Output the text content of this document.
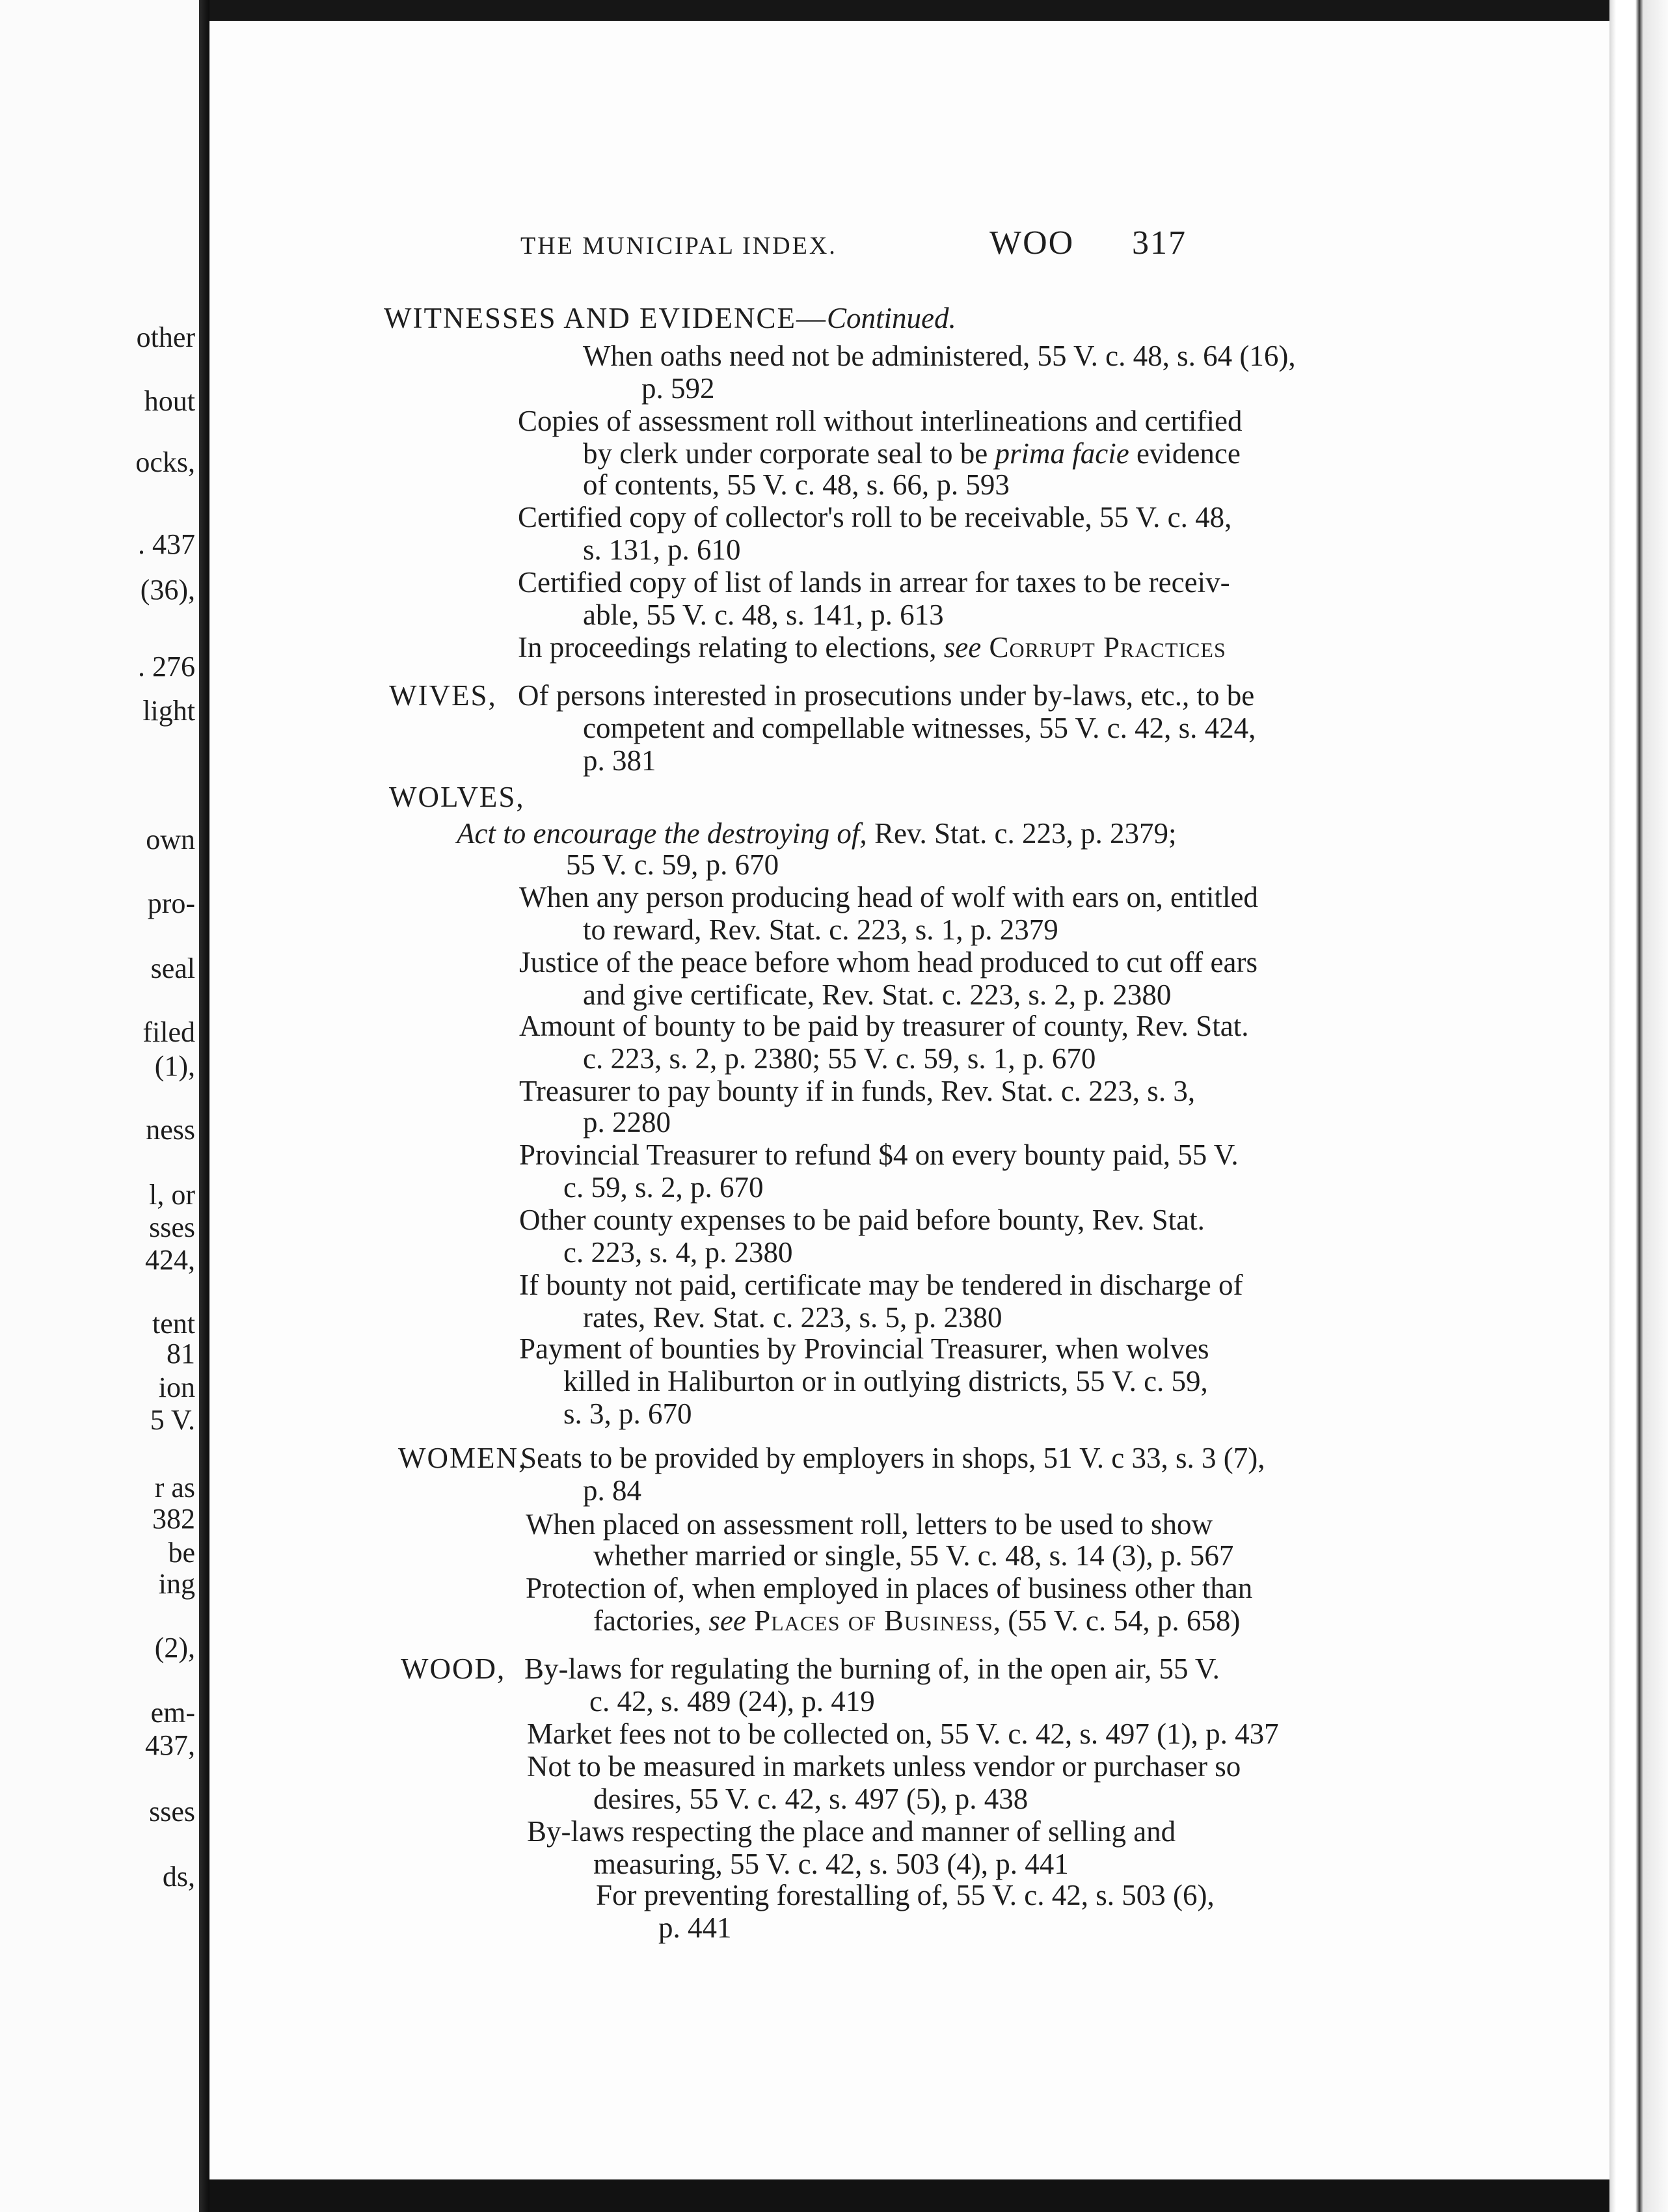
other
hout
ocks,
. 437
(36),
. 276
light
own
pro-
seal
filed
(1),
ness
l, or
sses
424,
tent
81
ion
5 V.
r as
382
be
ing
(2),
em-
437,
sses
ds,
THE MUNICIPAL INDEX.	WOO 317
WITNESSES AND EVIDENCE—Continued.
When oaths need not be administered, 55 V. c. 48, s. 64 (16),
p. 592
Copies of assessment roll without interlineations and certified
by clerk under corporate seal to be prima facie evidence
of contents, 55 V. c. 48, s. 66, p. 593
Certified copy of collector's roll to be receivable, 55 V. c. 48,
s. 131, p. 610
Certified copy of list of lands in arrear for taxes to be receiv-
able, 55 V. c. 48, s. 141, p. 613
In proceedings relating to elections, see Corrupt Practices
WIVES, Of persons interested in prosecutions under by-laws, etc., to be
competent and compellable witnesses, 55 V. c. 42, s. 424,
p. 381
WOLVES,
Act to encourage the destroying of, Rev. Stat. c. 223, p. 2379;
55 V. c. 59, p. 670
When any person producing head of wolf with ears on, entitled
to reward, Rev. Stat. c. 223, s. 1, p. 2379
Justice of the peace before whom head produced to cut off ears
and give certificate, Rev. Stat. c. 223, s. 2, p. 2380
Amount of bounty to be paid by treasurer of county, Rev. Stat.
c. 223, s. 2, p. 2380; 55 V. c. 59, s. 1, p. 670
Treasurer to pay bounty if in funds, Rev. Stat. c. 223, s. 3,
p. 2280
Provincial Treasurer to refund $4 on every bounty paid, 55 V.
c. 59, s. 2, p. 670
Other county expenses to be paid before bounty, Rev. Stat.
c. 223, s. 4, p. 2380
If bounty not paid, certificate may be tendered in discharge of
rates, Rev. Stat. c. 223, s. 5, p. 2380
Payment of bounties by Provincial Treasurer, when wolves
killed in Haliburton or in outlying districts, 55 V. c. 59,
s. 3, p. 670
WOMEN,
Seats to be provided by employers in shops, 51 V. c 33, s. 3 (7),
p. 84
When placed on assessment roll, letters to be used to show
whether married or single, 55 V. c. 48, s. 14 (3), p. 567
Protection of, when employed in places of business other than
factories, see Places of Business, (55 V. c. 54, p. 658)
WOOD, By-laws for regulating the burning of, in the open air, 55 V.
c. 42, s. 489 (24), p. 419
Market fees not to be collected on, 55 V. c. 42, s. 497 (1), p. 437
Not to be measured in markets unless vendor or purchaser so
desires, 55 V. c. 42, s. 497 (5), p. 438
By-laws respecting the place and manner of selling and
measuring, 55 V. c. 42, s. 503 (4), p. 441
For preventing forestalling of, 55 V. c. 42, s. 503 (6),
p. 441
